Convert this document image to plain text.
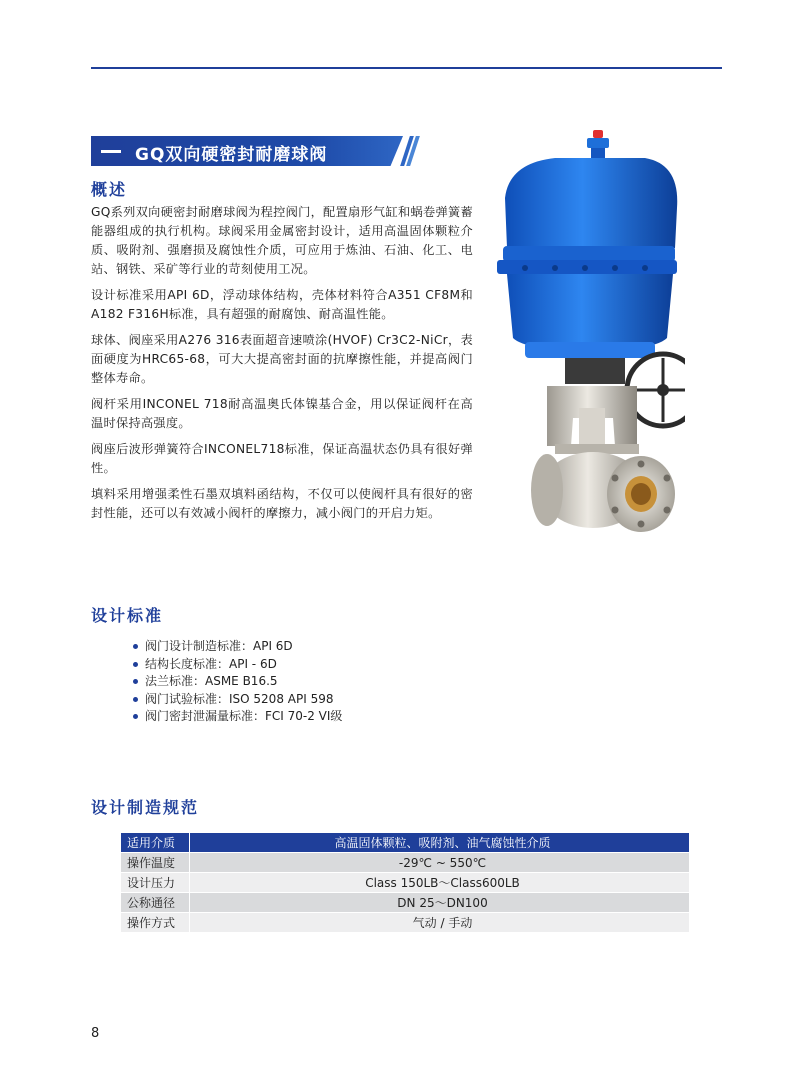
GQ双向硬密封耐磨球阀
概述

GQ系列双向硬密封耐磨球阀为程控阀门，配置扇形气缸和蜗卷弹簧蓄能器组成的执行机构。球阀采用金属密封设计，适用高温固体颗粒介质、吸附剂、强磨损及腐蚀性介质，可应用于炼油、石油、化工、电站、钢铁、采矿等行业的苛刻使用工况。

设计标准采用API 6D，浮动球体结构，壳体材料符合A351 CF8M和A182 F316H标准，具有超强的耐腐蚀、耐高温性能。

球体、阀座采用A276 316表面超音速喷涂(HVOF) Cr3C2-NiCr，表面硬度为HRC65-68，可大大提高密封面的抗摩擦性能，并提高阀门整体寿命。

阀杆采用INCONEL 718耐高温奥氏体镍基合金，用以保证阀杆在高温时保持高强度。

阀座后波形弹簧符合INCONEL718标准，保证高温状态仍具有很好弹性。

填料采用增强柔性石墨双填料函结构，不仅可以使阀杆具有很好的密封性能，还可以有效减小阀杆的摩擦力，减小阀门的开启力矩。

设计标准
阀门设计制造标准：API 6D
结构长度标准：API - 6D
法兰标准：ASME B16.5
阀门试验标准：ISO 5208 API 598
阀门密封泄漏量标准：FCI 70-2 VI级
设计制造规范
适用介质	高温固体颗粒、吸附剂、油气腐蚀性介质
操作温度	-29℃ ~ 550℃
设计压力	Class 150LB～Class600LB
公称通径	DN 25～DN100
操作方式	气动 / 手动
8
